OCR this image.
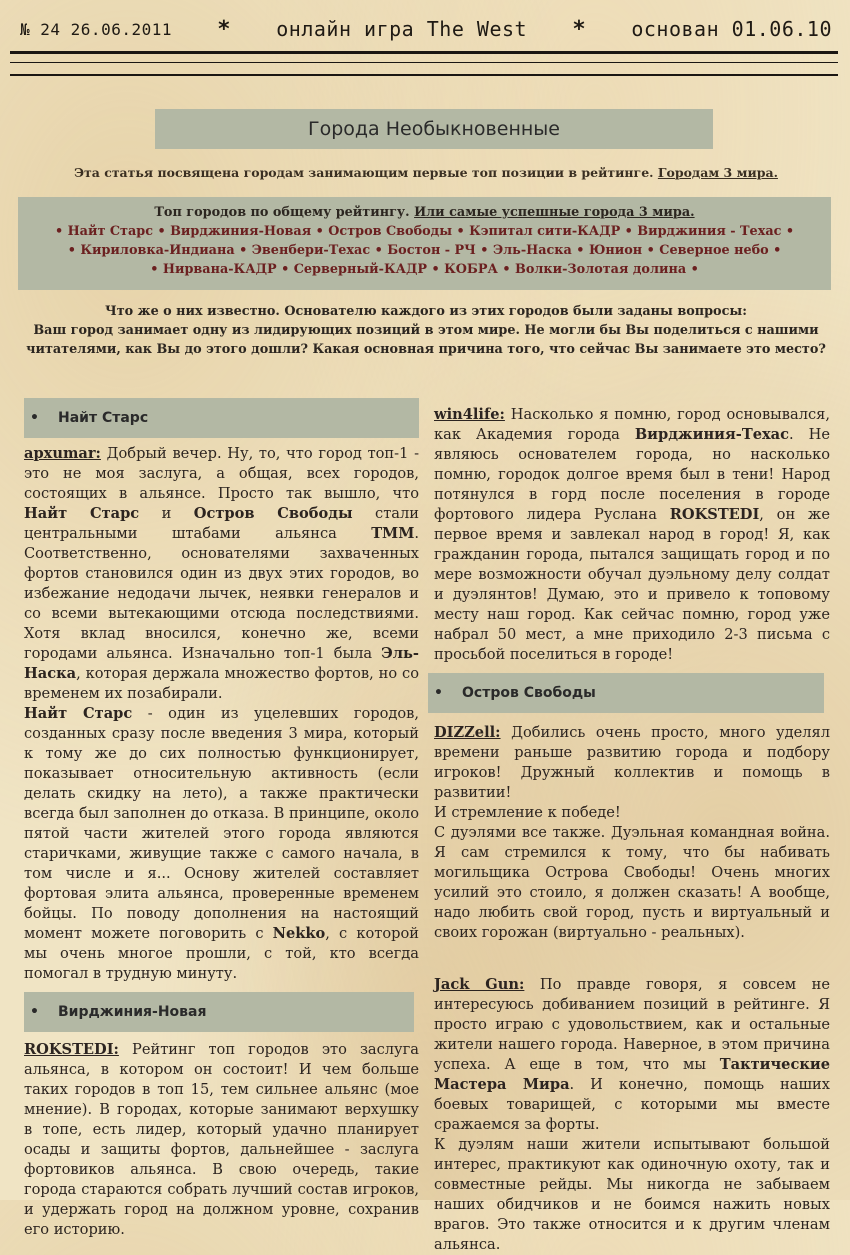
№ 24 26.06.2011 * онлайн игра The West * основан 01.06.10
Города Необыкновенные
Эта статья посвящена городам занимающим первые топ позиции в рейтинге. Городам 3 мира.
Топ городов по общему рейтингу. Или самые успешные города 3 мира.
• Найт Старс • Вирджиния-Новая • Остров Свободы • Кэпитал сити-КАДР • Вирджиния - Техас •
• Кириловка-Индиана • Эвенбери-Техас • Бостон - РЧ • Эль-Наска • Юнион • Северное небо •
• Нирвана-КАДР • Серверный-КАДР • КОБРА • Волки-Золотая долина •
Что же о них известно. Основателю каждого из этих городов были заданы вопросы:
Ваш город занимает одну из лидирующих позиций в этом мире. Не могли бы Вы поделиться с нашими читателями, как Вы до этого дошли? Какая основная причина того, что сейчас Вы занимаете это место?
•	Найт Старс

apxumar: Добрый вечер. Ну, то, что город топ-1 - это не моя заслуга, а общая, всех городов, состоящих в альянсе. Просто так вышло, что Найт Старс и Остров Свободы стали центральными штабами альянса ТММ. Соответственно, основателями захваченных фортов становился один из двух этих городов, во избежание недодачи лычек, неявки генералов и со всеми вытекающими отсюда последствиями. Хотя вклад вносился, конечно же, всеми городами альянса. Изначально топ-1 была Эль-Наска, которая держала множество фортов, но со временем их позабирали.

Найт Старс - один из уцелевших городов, созданных сразу после введения 3 мира, который к тому же до сих полностью функционирует, показывает относительную активность (если делать скидку на лето), а также практически всегда был заполнен до отказа. В принципе, около пятой части жителей этого города являются старичками, живущие также с самого начала, в том числе и я... Основу жителей составляет фортовая элита альянса, проверенные временем бойцы. По поводу дополнения на настоящий момент можете поговорить с Nekko, с которой мы очень многое прошли, с той, кто всегда помогал в трудную минуту.

•	Вирджиния-Новая

ROKSTEDI: Рейтинг топ городов это заслуга альянса, в котором он состоит! И чем больше таких городов в топ 15, тем сильнее альянс (мое мнение). В городах, которые занимают верхушку в топе, есть лидер, который удачно планирует осады и защиты фортов, дальнейшее - заслуга фортовиков альянса. В свою очередь, такие города стараются собрать лучший состав игроков, и удержать город на должном уровне, сохранив его историю.

win4life: Насколько я помню, город основывался, как Академия города Вирджиния-Техас. Не являюсь основателем города, но насколько помню, городок долгое время был в тени! Народ потянулся в горд после поселения в городе фортового лидера Руслана ROKSTEDI, он же первое время и завлекал народ в город! Я, как гражданин города, пытался защищать город и по мере возможности обучал дуэльному делу солдат и дуэлянтов! Думаю, это и привело к топовому месту наш город. Как сейчас помню, город уже набрал 50 мест, а мне приходило 2-3 письма с просьбой поселиться в городе!

•	Остров Свободы

DIZZell: Добились очень просто, много уделял времени раньше развитию города и подбору игроков! Дружный коллектив и помощь в развитии!

И стремление к победе!

С дуэлями все также. Дуэльная командная война. Я сам стремился к тому, что бы набивать могильщика Острова Свободы! Очень многих усилий это стоило, я должен сказать! А вообще, надо любить свой город, пусть и виртуальный и своих горожан (виртуально - реальных).

Jack Gun: По правде говоря, я совсем не интересуюсь добиванием позиций в рейтинге. Я просто играю с удовольствием, как и остальные жители нашего города. Наверное, в этом причина успеха. А еще в том, что мы Тактические Мастера Мира. И конечно, помощь наших боевых товарищей, с которыми мы вместе сражаемся за форты.

К дуэлям наши жители испытывают большой интерес, практикуют как одиночную охоту, так и совместные рейды. Мы никогда не забываем наших обидчиков и не боимся нажить новых врагов. Это также относится и к другим членам альянса.
